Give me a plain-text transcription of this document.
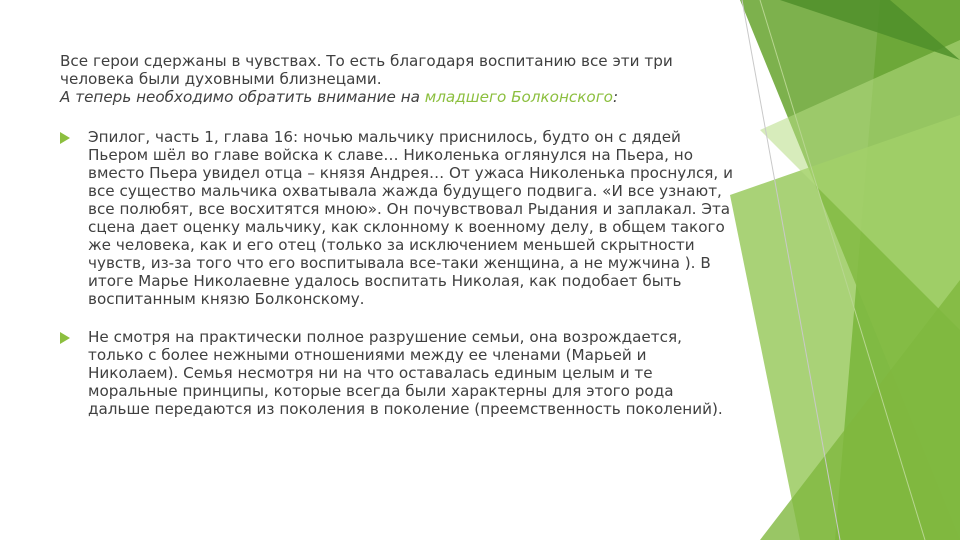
Все герои сдержаны в чувствах. То есть благодаря воспитанию все эти три человека были духовными близнецами.

А теперь необходимо обратить внимание на младшего Болконского:

Эпилог, часть 1, глава 16: ночью мальчику приснилось, будто он с дядей Пьером шёл во главе войска к славе… Николенька оглянулся на Пьера, но вместо Пьера увидел отца – князя Андрея… От ужаса Николенька проснулся, и все существо мальчика охватывала жажда будущего подвига. «И все узнают, все полюбят, все восхитятся мною». Он почувствовал Рыдания и заплакал. Эта сцена дает оценку мальчику, как склонному к военному делу, в общем такого же человека, как и его отец (только за исключением меньшей скрытности чувств, из-за того что его воспитывала все-таки женщина, а не мужчина ). В итоге Марье Николаевне удалось воспитать Николая, как подобает быть воспитанным князю Болконскому.
Не смотря на практически полное разрушение семьи, она возрождается, только с более нежными отношениями между ее членами (Марьей и Николаем). Семья несмотря ни на что оставалась единым целым и те моральные принципы, которые всегда были характерны для этого рода дальше передаются из поколения в поколение (преемственность поколений).
